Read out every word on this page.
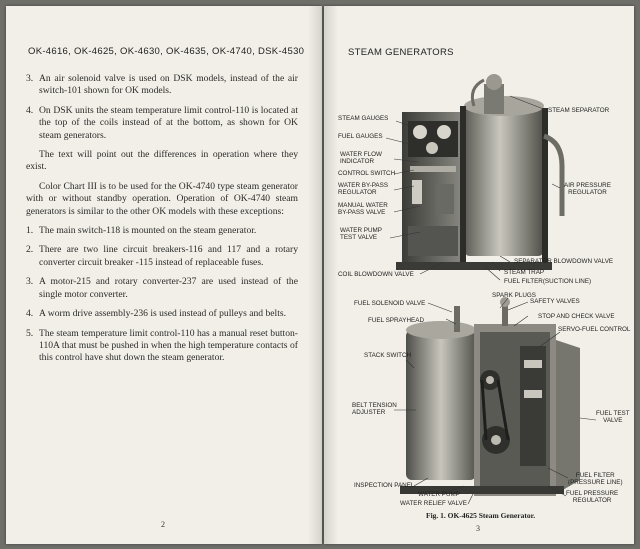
OK-4616, OK-4625, OK-4630, OK-4635, OK-4740, DSK-4530
3. An air solenoid valve is used on DSK models, instead of the air switch-101 shown for OK models.
4. On DSK units the steam temperature limit control-110 is located at the top of the coils instead of at the bottom, as shown for OK steam generators.

The text will point out the differences in operation where they exist.

Color Chart III is to be used for the OK-4740 type steam generator with or without standby operation. Operation of OK-4740 steam generators is similar to the other OK models with these exceptions:

1. The main switch-118 is mounted on the steam generator.
2. There are two line circuit breakers-116 and 117 and a rotary converter circuit breaker -115 instead of replaceable fuses.
3. A motor-215 and rotary converter-237 are used instead of the single motor converter.
4. A worm drive assembly-236 is used instead of pulleys and belts.
5. The steam temperature limit control-110 has a manual reset button-110A that must be pushed in when the high temperature contacts of this control have shut down the steam generator.
2
STEAM GENERATORS
STEAM GAUGES
FUEL GAUGES
WATER FLOW
INDICATOR
CONTROL SWITCH
WATER BY-PASS
REGULATOR
MANUAL WATER
BY-PASS VALVE
WATER PUMP
TEST VALVE
COIL BLOWDOWN VALVE
STEAM SEPARATOR
AIR PRESSURE
REGULATOR
SEPARATOR BLOWDOWN VALVE
STEAM TRAP
FUEL FILTER(SUCTION LINE)
SPARK PLUGS
FUEL SOLENOID VALVE	SAFETY VALVES
FUEL SPRAYHEAD
STOP AND CHECK VALVE
SERVO-FUEL CONTROL
STACK SWITCH
BELT TENSION
ADJUSTER	FUEL TEST
VALVE
FUEL FILTER
(PRESSURE LINE)
INSPECTION PANEL
FUEL PRESSURE
REGULATOR
WATER PUMP
WATER RELIEF VALVE
Fig. 1. OK-4625 Steam Generator.
3
